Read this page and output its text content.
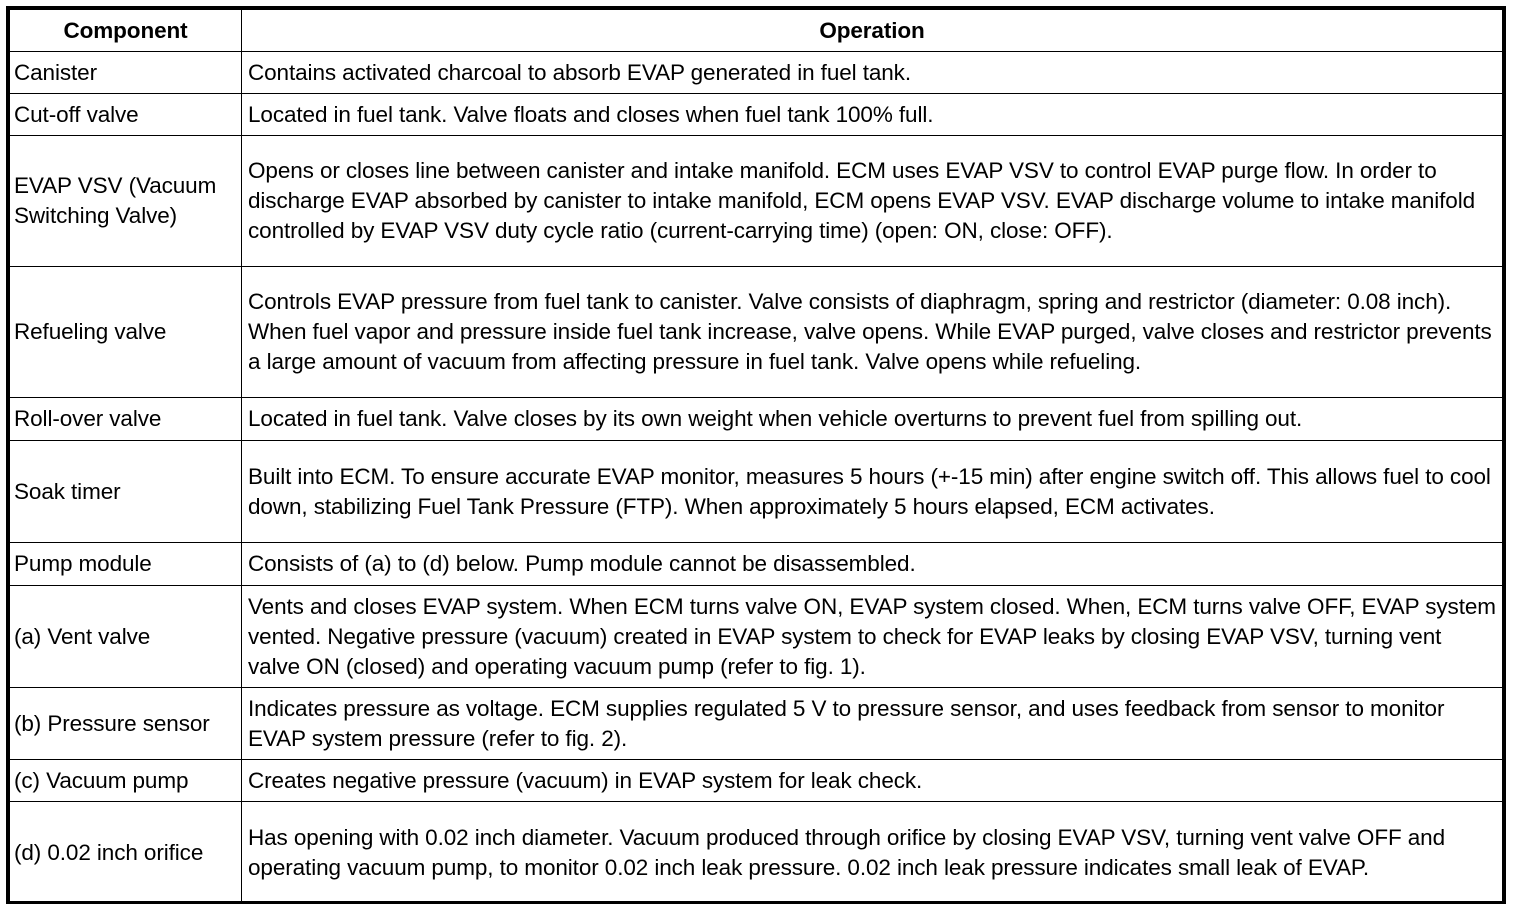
Component	Operation
Canister	Contains activated charcoal to absorb EVAP generated in fuel tank.
Cut-off valve	Located in fuel tank. Valve floats and closes when fuel tank 100% full.
EVAP VSV (Vacuum Switching Valve)	Opens or closes line between canister and intake manifold. ECM uses EVAP VSV to control EVAP purge flow. In order to discharge EVAP absorbed by canister to intake manifold, ECM opens EVAP VSV. EVAP discharge volume to intake manifold controlled by EVAP VSV duty cycle ratio (current-carrying time) (open: ON, close: OFF).
Refueling valve	Controls EVAP pressure from fuel tank to canister. Valve consists of diaphragm, spring and restrictor (diameter: 0.08 inch). When fuel vapor and pressure inside fuel tank increase, valve opens. While EVAP purged, valve closes and restrictor prevents a large amount of vacuum from affecting pressure in fuel tank. Valve opens while refueling.
Roll-over valve	Located in fuel tank. Valve closes by its own weight when vehicle overturns to prevent fuel from spilling out.
Soak timer	Built into ECM. To ensure accurate EVAP monitor, measures 5 hours (+-15 min) after engine switch off. This allows fuel to cool down, stabilizing Fuel Tank Pressure (FTP). When approximately 5 hours elapsed, ECM activates.
Pump module	Consists of (a) to (d) below. Pump module cannot be disassembled.
(a) Vent valve	Vents and closes EVAP system. When ECM turns valve ON, EVAP system closed. When, ECM turns valve OFF, EVAP system vented. Negative pressure (vacuum) created in EVAP system to check for EVAP leaks by closing EVAP VSV, turning vent valve ON (closed) and operating vacuum pump (refer to fig. 1).
(b) Pressure sensor	Indicates pressure as voltage. ECM supplies regulated 5 V to pressure sensor, and uses feedback from sensor to monitor EVAP system pressure (refer to fig. 2).
(c) Vacuum pump	Creates negative pressure (vacuum) in EVAP system for leak check.
(d) 0.02 inch orifice	Has opening with 0.02 inch diameter. Vacuum produced through orifice by closing EVAP VSV, turning vent valve OFF and operating vacuum pump, to monitor 0.02 inch leak pressure. 0.02 inch leak pressure indicates small leak of EVAP.
